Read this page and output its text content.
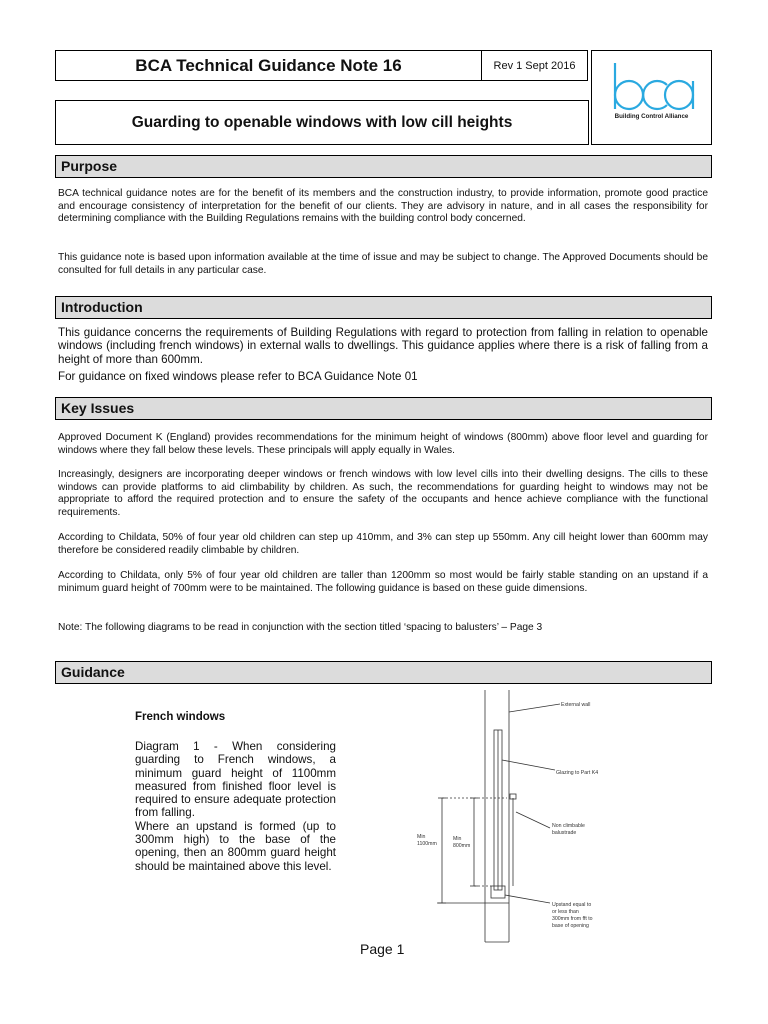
BCA Technical Guidance Note 16	Rev 1 Sept 2016
Building Control Alliance
Guarding to openable windows with low cill heights
Purpose

BCA technical guidance notes are for the benefit of its members and the construction industry, to provide information, promote good practice and encourage consistency of interpretation for the benefit of our clients. They are advisory in nature, and in all cases the responsibility for determining compliance with the Building Regulations remains with the building control body concerned.

This guidance note is based upon information available at the time of issue and may be subject to change. The Approved Documents should be consulted for full details in any particular case.

Introduction

This guidance concerns the requirements of Building Regulations with regard to protection from falling in relation to openable windows (including french windows) in external walls to dwellings. This guidance applies where there is a risk of falling from a height of more than 600mm.

For guidance on fixed windows please refer to BCA Guidance Note 01

Key Issues

Approved Document K (England) provides recommendations for the minimum height of windows (800mm) above floor level and guarding for windows where they fall below these levels. These principals will apply equally in Wales.

Increasingly, designers are incorporating deeper windows or french windows with low level cills into their dwelling designs. The cills to these windows can provide platforms to aid climbability by children. As such, the recommendations for guarding height to windows may not be appropriate to afford the required protection and to ensure the safety of the occupants and hence achieve compliance with the functional requirements.

According to Childata, 50% of four year old children can step up 410mm, and 3% can step up 550mm. Any cill height lower than 600mm may therefore be considered readily climbable by children.

According to Childata, only 5% of four year old children are taller than 1200mm so most would be fairly stable standing on an upstand if a minimum guard height of 700mm were to be maintained. The following guidance is based on these guide dimensions.

Note: The following diagrams to be read in conjunction with the section titled ‘spacing to balusters’ – Page 3

Guidance
French windows

Diagram 1 - When considering guarding to French windows, a minimum guard height of 1100mm measured from finished floor level is required to ensure adequate protection from falling.

Where an upstand is formed (up to 300mm high) to the base of the opening, then an 800mm guard height should be maintained above this level.

External wall
Glazing to Part K4
Non climbable
balustrade
Min
1100mm
Min
800mm
Upstand equal to
or less than
300mm from fft to
base of opening
Page 1
